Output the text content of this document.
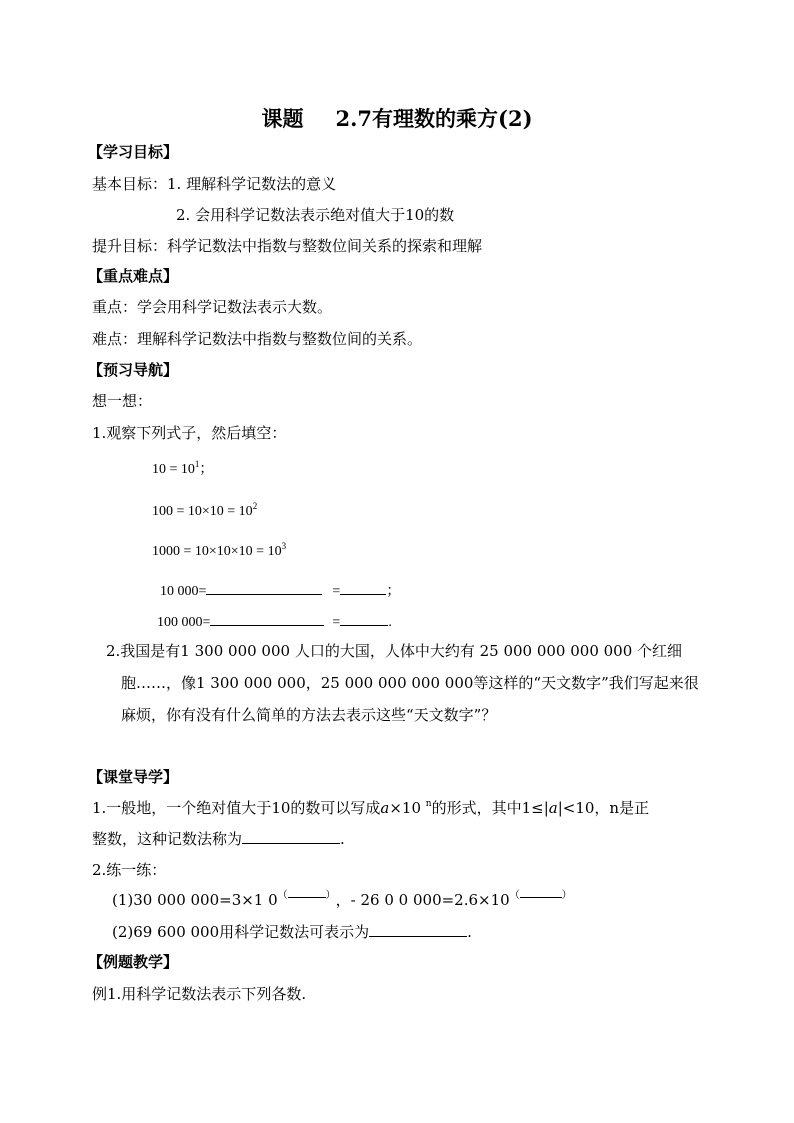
课题 2.7有理数的乘方(2)
【学习目标】
基本目标：1. 理解科学记数法的意义
2. 会用科学记数法表示绝对值大于10的数
提升目标：科学记数法中指数与整数位间关系的探索和理解
【重点难点】
重点：学会用科学记数法表示大数。
难点：理解科学记数法中指数与整数位间的关系。
【预习导航】
想一想：
1.观察下列式子，然后填空：
$10 = 10^1$；
$100 = 10\times 10 = 10^2$
$1000 = 10\times 10\times 10 = 10^3$
10 000=	=	；
100 000=	=	.
2.我国是有1 300 000 000 人口的大国，人体中大约有 25 000 000 000 000 个红细
胞……，像1 300 000 000，25 000 000 000 000等这样的“天文数字”我们写起来很
麻烦，你有没有什么简单的方法去表示这些“天文数字”？
【课堂导学】
1.一般地，一个绝对值大于10的数可以写成a×10 n的形式，其中1≤|a|<10，n是正
整数，这种记数法称为	.
2.练一练：
(1)30 000 000=3×1 0（	），- 26 0 0 000=2.6×10（	）
(2)69 600 000用科学记数法可表示为	.
【例题教学】
例1.用科学记数法表示下列各数.
